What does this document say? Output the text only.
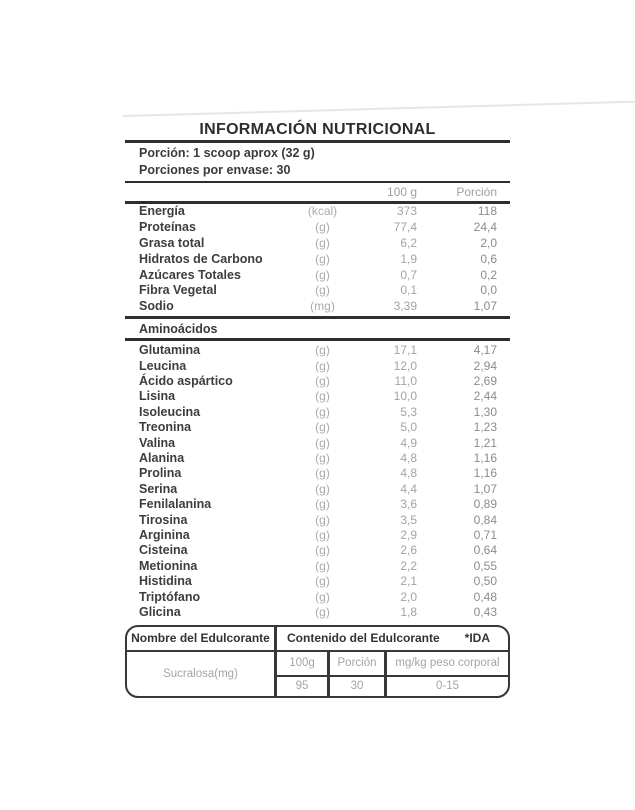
INFORMACIÓN NUTRICIONAL
Porción: 1 scoop aprox (32 g)
Porciones por envase: 30
100 g	Porción
Energía	(kcal)	373	118
Proteínas	(g)	77,4	24,4
Grasa total	(g)	6,2	2,0
Hidratos de Carbono	(g)	1,9	0,6
Azúcares Totales	(g)	0,7	0,2
Fibra Vegetal	(g)	0,1	0,0
Sodio	(mg)	3,39	1,07
Aminoácidos
Glutamina	(g)	17,1	4,17
Leucina	(g)	12,0	2,94
Ácido aspártico	(g)	11,0	2,69
Lisina	(g)	10,0	2,44
Isoleucina	(g)	5,3	1,30
Treonina	(g)	5,0	1,23
Valina	(g)	4,9	1,21
Alanina	(g)	4,8	1,16
Prolina	(g)	4,8	1,16
Serina	(g)	4,4	1,07
Fenilalanina	(g)	3,6	0,89
Tirosina	(g)	3,5	0,84
Arginina	(g)	2,9	0,71
Cisteina	(g)	2,6	0,64
Metionina	(g)	2,2	0,55
Histidina	(g)	2,1	0,50
Triptófano	(g)	2,0	0,48
Glicina	(g)	1,8	0,43
Nombre del Edulcorante	Contenido del Edulcorante *IDA
Sucralosa(mg)
100g	Porción	mg/kg peso corporal
95	30	0-15
